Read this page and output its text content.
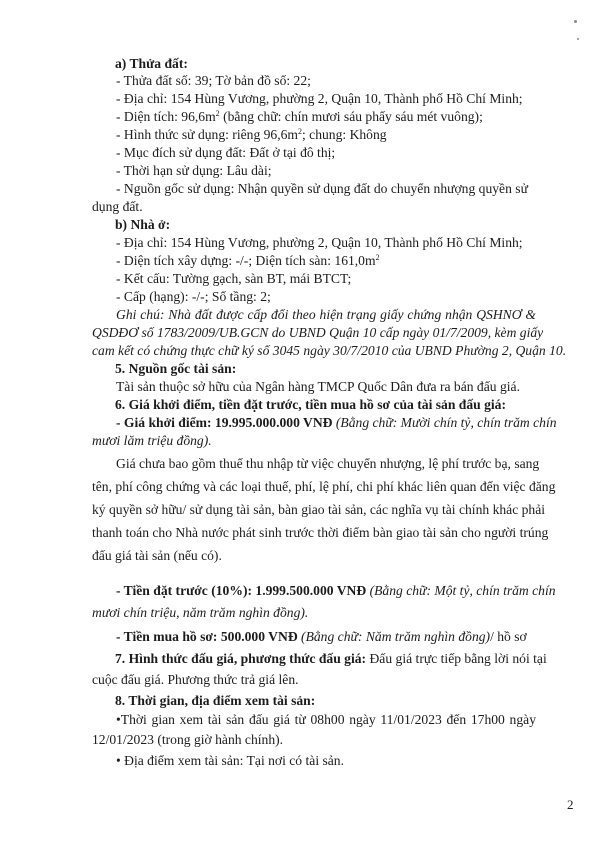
a) Thửa đất:
- Thửa đất số: 39; Tờ bản đồ số: 22;
- Địa chỉ: 154 Hùng Vương, phường 2, Quận 10, Thành phố Hồ Chí Minh;
- Diện tích: $96,6m^2$ (bằng chữ: chín mươi sáu phẩy sáu mét vuông);
- Hình thức sử dụng: riêng $96,6m^2$; chung: Không
- Mục đích sử dụng đất: Đất ở tại đô thị;
- Thời hạn sử dụng: Lâu dài;
- Nguồn gốc sử dụng: Nhận quyền sử dụng đất do chuyển nhượng quyền sử
dụng đất.
b) Nhà ở:
- Địa chỉ: 154 Hùng Vương, phường 2, Quận 10, Thành phố Hồ Chí Minh;
- Diện tích xây dựng: -/-; Diện tích sàn: $161,0m^2$
- Kết cấu: Tường gạch, sàn BT, mái BTCT;
- Cấp (hạng): -/-; Số tầng: 2;
Ghi chú: Nhà đất được cấp đổi theo hiện trạng giấy chứng nhận QSHNƠ &
QSDĐƠ số 1783/2009/UB.GCN do UBND Quận 10 cấp ngày 01/7/2009, kèm giấy
cam kết có chứng thực chữ ký số 3045 ngày 30/7/2010 của UBND Phường 2, Quận 10.
5. Nguồn gốc tài sản:
Tài sản thuộc sở hữu của Ngân hàng TMCP Quốc Dân đưa ra bán đấu giá.
6. Giá khởi điểm, tiền đặt trước, tiền mua hồ sơ của tài sản đấu giá:
- Giá khởi điểm: 19.995.000.000 VNĐ (Bằng chữ: Mười chín tỷ, chín trăm chín
mươi lăm triệu đồng).
Giá chưa bao gồm thuế thu nhập từ việc chuyển nhượng, lệ phí trước bạ, sang
tên, phí công chứng và các loại thuế, phí, lệ phí, chi phí khác liên quan đến việc đăng
ký quyền sở hữu/ sử dụng tài sản, bàn giao tài sản, các nghĩa vụ tài chính khác phải
thanh toán cho Nhà nước phát sinh trước thời điểm bàn giao tài sản cho người trúng
đấu giá tài sản (nếu có).
- Tiền đặt trước (10%): 1.999.500.000 VNĐ (Bằng chữ: Một tỷ, chín trăm chín
mươi chín triệu, năm trăm nghìn đồng).
- Tiền mua hồ sơ: 500.000 VNĐ (Bằng chữ: Năm trăm nghìn đồng)/ hồ sơ
7. Hình thức đấu giá, phương thức đấu giá: Đấu giá trực tiếp bằng lời nói tại
cuộc đấu giá. Phương thức trả giá lên.
8. Thời gian, địa điểm xem tài sản:
•Thời gian xem tài sản đấu giá từ 08h00 ngày 11/01/2023 đến 17h00 ngày
12/01/2023 (trong giờ hành chính).
• Địa điểm xem tài sản: Tại nơi có tài sản.
2
